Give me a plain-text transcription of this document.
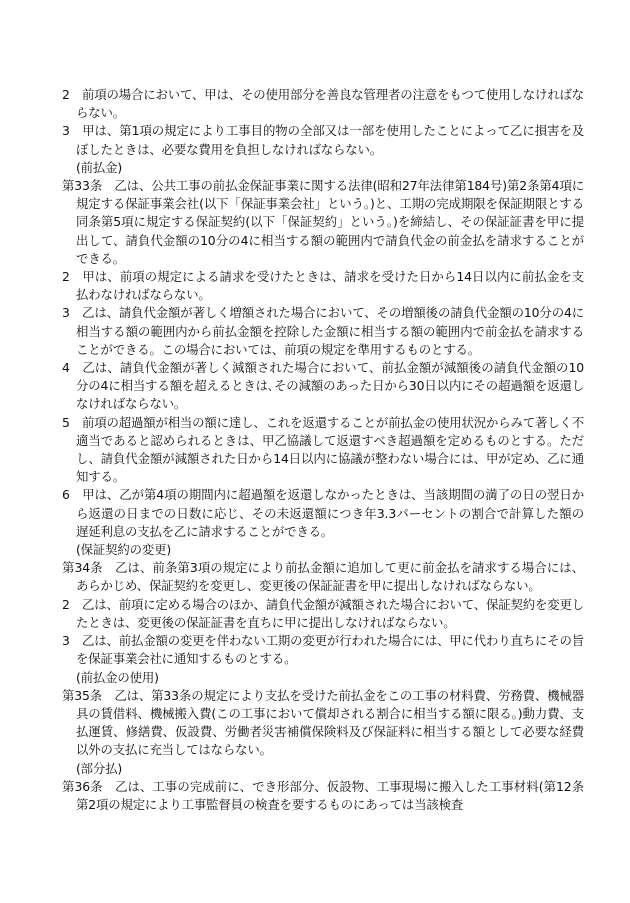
2　前項の場合において、甲は、その使用部分を善良な管理者の注意をもつて使用しなければならない。

3　甲は、第1項の規定により工事目的物の全部又は一部を使用したことによって乙に損害を及ぼしたときは、必要な費用を負担しなければならない。

(前払金)

第33条　乙は、公共工事の前払金保証事業に関する法律(昭和27年法律第184号)第2条第4項に規定する保証事業会社(以下「保証事業会社」という。)と、工期の完成期限を保証期限とする同条第5項に規定する保証契約(以下「保証契約」という。)を締結し、その保証証書を甲に提出して、請負代金額の10分の4に相当する額の範囲内で請負代金の前金払を請求することができる。

2　甲は、前項の規定による請求を受けたときは、請求を受けた日から14日以内に前払金を支払わなければならない。

3　乙は、請負代金額が著しく増額された場合において、その増額後の請負代金額の10分の4に相当する額の範囲内から前払金額を控除した金額に相当する額の範囲内で前金払を請求することができる。この場合においては、前項の規定を準用するものとする。

4　乙は、請負代金額が著しく減額された場合において、前払金額が減額後の請負代金額の10分の4に相当する額を超えるときは､その減額のあった日から30日以内にその超過額を返還しなければならない。

5　前項の超過額が相当の額に達し、これを返還することが前払金の使用状況からみて著しく不適当であると認められるときは、甲乙協議して返還すべき超過額を定めるものとする。ただし、請負代金額が減額された日から14日以内に協議が整わない場合には、甲が定め、乙に通知する。

6　甲は、乙が第4項の期間内に超過額を返還しなかったときは、当該期間の満了の日の翌日から返還の日までの日数に応じ、その未返還額につき年3.3パーセントの割合で計算した額の遅延利息の支払を乙に請求することができる。

(保証契約の変更)

第34条　乙は、前条第3項の規定により前払金額に追加して更に前金払を請求する場合には、あらかじめ、保証契約を変更し、変更後の保証証書を甲に提出しなければならない。

2　乙は、前項に定める場合のほか、請負代金額が減額された場合において、保証契約を変更したときは、変更後の保証証書を直ちに甲に提出しなければならない。

3　乙は、前払金額の変更を伴わない工期の変更が行われた場合には、甲に代わり直ちにその旨を保証事業会社に通知するものとする。

(前払金の使用)

第35条　乙は、第33条の規定により支払を受けた前払金をこの工事の材料費、労務費、機械器具の賃借料、機械搬入費(この工事において償却される割合に相当する額に限る。)動力費、支払運賃、修繕費、仮設費、労働者災害補償保険料及び保証料に相当する額として必要な経費以外の支払に充当してはならない。

(部分払)

第36条　乙は、工事の完成前に、でき形部分、仮設物、工事現場に搬入した工事材料(第12条第2項の規定により工事監督員の検査を要するものにあっては当該検査
